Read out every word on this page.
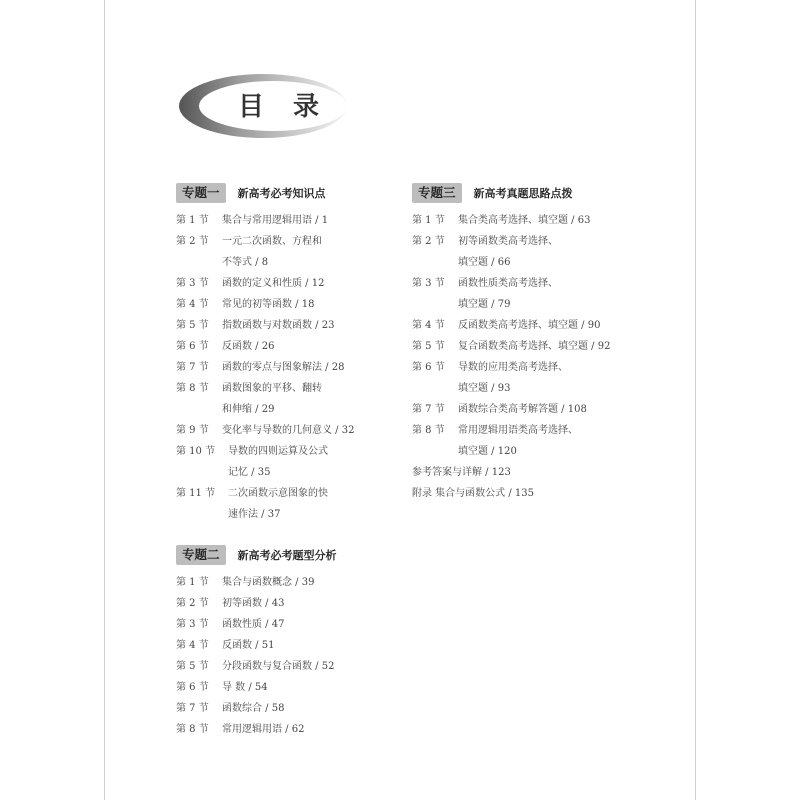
目 录
专题一	新高考必考知识点
第 1 节	集合与常用逻辑用语 / 1
第 2 节	一元二次函数、方程和
不等式 / 8
第 3 节	函数的定义和性质 / 12
第 4 节	常见的初等函数 / 18
第 5 节	指数函数与对数函数 / 23
第 6 节	反函数 / 26
第 7 节	函数的零点与图象解法 / 28
第 8 节	函数图象的平移、翻转
和伸缩 / 29
第 9 节	变化率与导数的几何意义 / 32
第 10 节	导数的四则运算及公式
记忆 / 35
第 11 节	二次函数示意图象的快
速作法 / 37
专题二	新高考必考题型分析
第 1 节	集合与函数概念 / 39
第 2 节	初等函数 / 43
第 3 节	函数性质 / 47
第 4 节	反函数 / 51
第 5 节	分段函数与复合函数 / 52
第 6 节	导 数 / 54
第 7 节	函数综合 / 58
第 8 节	常用逻辑用语 / 62
专题三	新高考真题思路点拨
第 1 节	集合类高考选择、填空题 / 63
第 2 节	初等函数类高考选择、
填空题 / 66
第 3 节	函数性质类高考选择、
填空题 / 79
第 4 节	反函数类高考选择、填空题 / 90
第 5 节	复合函数类高考选择、填空题 / 92
第 6 节	导数的应用类高考选择、
填空题 / 93
第 7 节	函数综合类高考解答题 / 108
第 8 节	常用逻辑用语类高考选择、
填空题 / 120
参考答案与详解 / 123
附录 集合与函数公式 / 135
